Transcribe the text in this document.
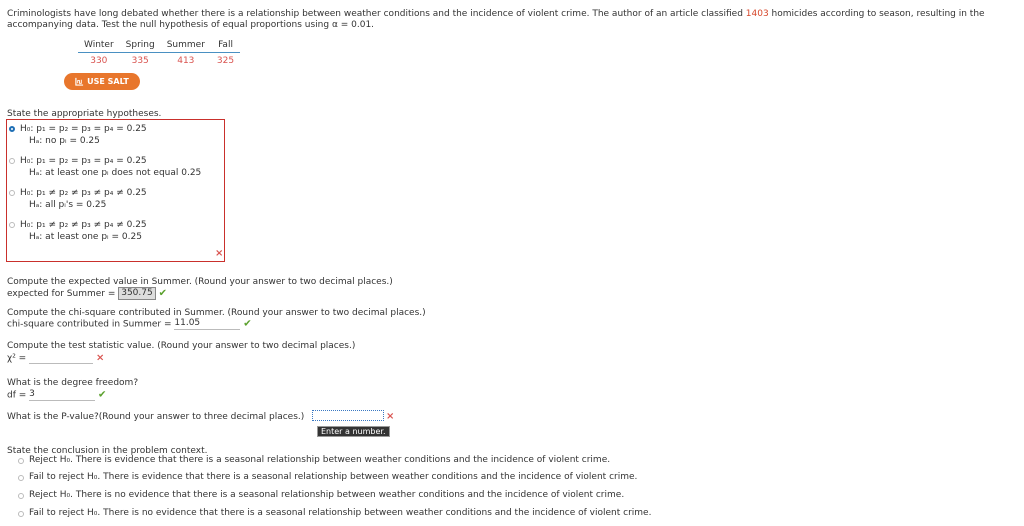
Criminologists have long debated whether there is a relationship between weather conditions and the incidence of violent crime. The author of an article classified 1403 homicides according to season, resulting in the accompanying data. Test the null hypothesis of equal proportions using α = 0.01.
Winter	Spring	Summer	Fall
330	335	413	325
USE SALT
State the appropriate hypotheses.
H₀: p₁ = p₂ = p₃ = p₄ = 0.25
Hₐ: no pᵢ = 0.25
H₀: p₁ = p₂ = p₃ = p₄ = 0.25
Hₐ: at least one pᵢ does not equal 0.25
H₀: p₁ ≠ p₂ ≠ p₃ ≠ p₄ ≠ 0.25
Hₐ: all pᵢ's = 0.25
H₀: p₁ ≠ p₂ ≠ p₃ ≠ p₄ ≠ 0.25
Hₐ: at least one pᵢ = 0.25
×
Compute the expected value in Summer. (Round your answer to two decimal places.)
expected for Summer = 350.75 ✔
Compute the chi-square contributed in Summer. (Round your answer to two decimal places.)
chi-square contributed in Summer = 11.05	✔
Compute the test statistic value. (Round your answer to two decimal places.)
χ² =	×
What is the degree freedom?
df = 3	✔
What is the P-value?(Round your answer to three decimal places.)	×
Enter a number.
State the conclusion in the problem context.
Reject H₀. There is evidence that there is a seasonal relationship between weather conditions and the incidence of violent crime.
Fail to reject H₀. There is evidence that there is a seasonal relationship between weather conditions and the incidence of violent crime.
Reject H₀. There is no evidence that there is a seasonal relationship between weather conditions and the incidence of violent crime.
Fail to reject H₀. There is no evidence that there is a seasonal relationship between weather conditions and the incidence of violent crime.
